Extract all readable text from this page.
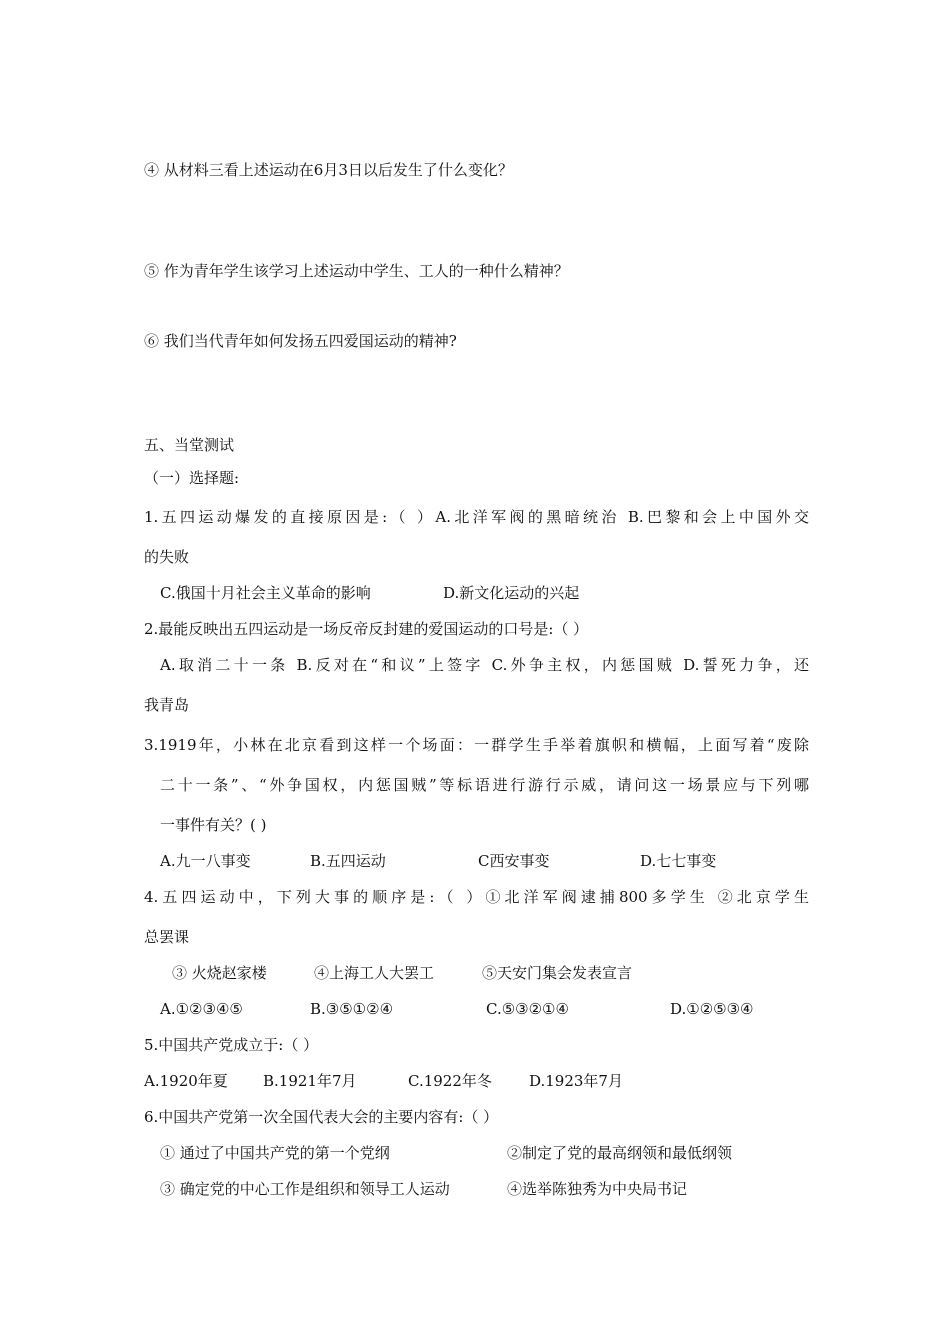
④ 从材料三看上述运动在6月3日以后发生了什么变化？
⑤ 作为青年学生该学习上述运动中学生、工人的一种什么精神？
⑥ 我们当代青年如何发扬五四爱国运动的精神?
五、当堂测试
（一）选择题:
1.五四运动爆发的直接原因是:（ ）A.北洋军阀的黑暗统治 B.巴黎和会上中国外交
的失败
C.俄国十月社会主义革命的影响	D.新文化运动的兴起
2.最能反映出五四运动是一场反帝反封建的爱国运动的口号是:（ ）
A.取消二十一条 B.反对在“和议”上签字 C.外争主权，内惩国贼 D.誓死力争，还
我青岛
3.1919年，小林在北京看到这样一个场面：一群学生手举着旗帜和横幅，上面写着“废除
二十一条”、“外争国权，内惩国贼”等标语进行游行示威，请问这一场景应与下列哪
一事件有关？( )
A.九一八事变	B.五四运动	C西安事变	D.七七事变
4.五四运动中，下列大事的顺序是:（ ）①北洋军阀逮捕800多学生 ②北京学生
总罢课
③ 火烧赵家楼	④上海工人大罢工	⑤天安门集会发表宣言
A.①②③④⑤	B.③⑤①②④	C.⑤③②①④	D.①②⑤③④
5.中国共产党成立于:（ ）
A.1920年夏 B.1921年7月	C.1922年冬 D.1923年7月
6.中国共产党第一次全国代表大会的主要内容有:（ ）
① 通过了中国共产党的第一个党纲	②制定了党的最高纲领和最低纲领
③ 确定党的中心工作是组织和领导工人运动	④选举陈独秀为中央局书记
